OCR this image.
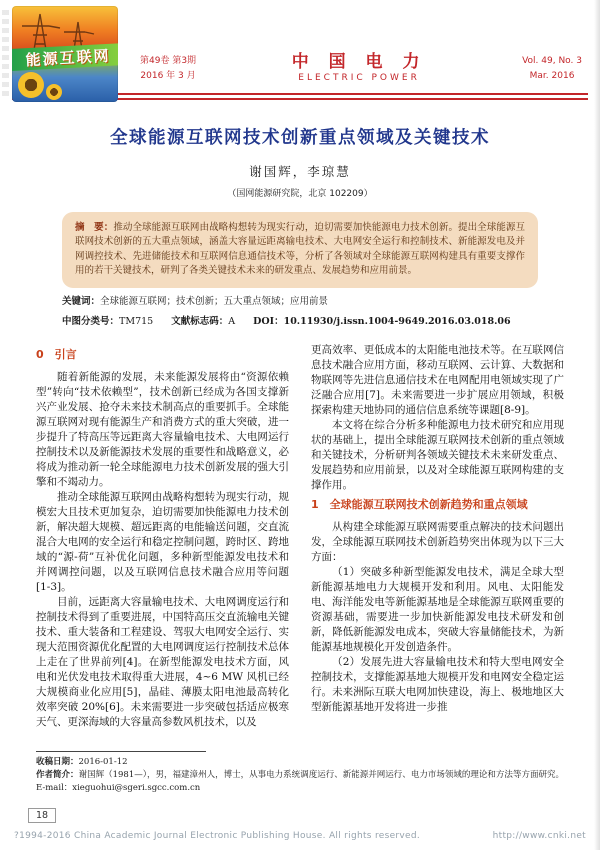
能源互联网	第49卷 第3期
2016 年 3 月
中 国 电 力
ELECTRIC POWER
Vol. 49, No. 3
Mar. 2016
全球能源互联网技术创新重点领域及关键技术
谢国辉，李琼慧
（国网能源研究院，北京 102209）
摘　要：推动全球能源互联网由战略构想转为现实行动，迫切需要加快能源电力技术创新。提出全球能源互联网技术创新的五大重点领域，涵盖大容量远距离输电技术、大电网安全运行和控制技术、新能源发电及并网调控技术、先进储能技术和互联网信息通信技术等，分析了各领域对全球能源互联网构建具有重要支撑作用的若干关键技术，研判了各类关键技术未来的研发重点、发展趋势和应用前景。
关键词：全球能源互联网；技术创新；五大重点领域；应用前景
中图分类号：TM715 文献标志码：A DOI：10.11930/j.issn.1004-9649.2016.03.018.06
0　引言

随着新能源的发展，未来能源发展将由“资源依赖型”转向“技术依赖型”，技术创新已经成为各国支撑新兴产业发展、抢夺未来技术制高点的重要抓手。全球能源互联网对现有能源生产和消费方式的重大突破，进一步提升了特高压等远距离大容量输电技术、大电网运行控制技术以及新能源技术发展的重要性和战略意义，必将成为推动新一轮全球能源电力技术创新发展的强大引擎和不竭动力。

推动全球能源互联网由战略构想转为现实行动，规模宏大且技术更加复杂，迫切需要加快能源电力技术创新，解决超大规模、超远距离的电能输送问题，交直流混合大电网的安全运行和稳定控制问题，跨时区、跨地域的“源-荷”互补优化问题，多种新型能源发电技术和并网调控问题，以及互联网信息技术融合应用等问题[1-3]。

目前，远距离大容量输电技术、大电网调度运行和控制技术得到了重要进展，中国特高压交直流输电关键技术、重大装备和工程建设、驾驭大电网安全运行、实现大范围资源优化配置的大电网调度运行控制技术总体上走在了世界前列[4]。在新型能源发电技术方面，风电和光伏发电技术取得重大进展，4~6 MW 风机已经大规模商业化应用[5]，晶硅、薄膜太阳电池最高转化效率突破 20%[6]。未来需要进一步突破包括适应极寒天气、更深海域的大容量高参数风机技术，以及

更高效率、更低成本的太阳能电池技术等。在互联网信息技术融合应用方面，移动互联网、云计算、大数据和物联网等先进信息通信技术在电网配用电领域实现了广泛融合应用[7]。未来需要进一步扩展应用领域，积极探索构建天地协同的通信信息系统等课题[8-9]。

本文将在综合分析多种能源电力技术研究和应用现状的基础上，提出全球能源互联网技术创新的重点领域和关键技术，分析研判各领域关键技术未来研发重点、发展趋势和应用前景，以及对全球能源互联网构建的支撑作用。

1　全球能源互联网技术创新趋势和重点领域

从构建全球能源互联网需要重点解决的技术问题出发，全球能源互联网技术创新趋势突出体现为以下三大方面：

（1）突破多种新型能源发电技术，满足全球大型新能源基地电力大规模开发和利用。风电、太阳能发电、海洋能发电等新能源基地是全球能源互联网重要的资源基础，需要进一步加快新能源发电技术研发和创新，降低新能源发电成本，突破大容量储能技术，为新能源基地规模化开发创造条件。

（2）发展先进大容量输电技术和特大型电网安全控制技术，支撑能源基地大规模开发和电网安全稳定运行。未来洲际互联大电网加快建设，海上、极地地区大型新能源基地开发将进一步推

收稿日期：2016-01-12
作者简介：谢国辉（1981—），男，福建漳州人，博士，从事电力系统调度运行、新能源并网运行、电力市场领域的理论和方法等方面研究。E-mail：xieguohui@sgeri.sgcc.com.cn
18
?1994-2016 China Academic Journal Electronic Publishing House. All rights reserved.	http://www.cnki.net
